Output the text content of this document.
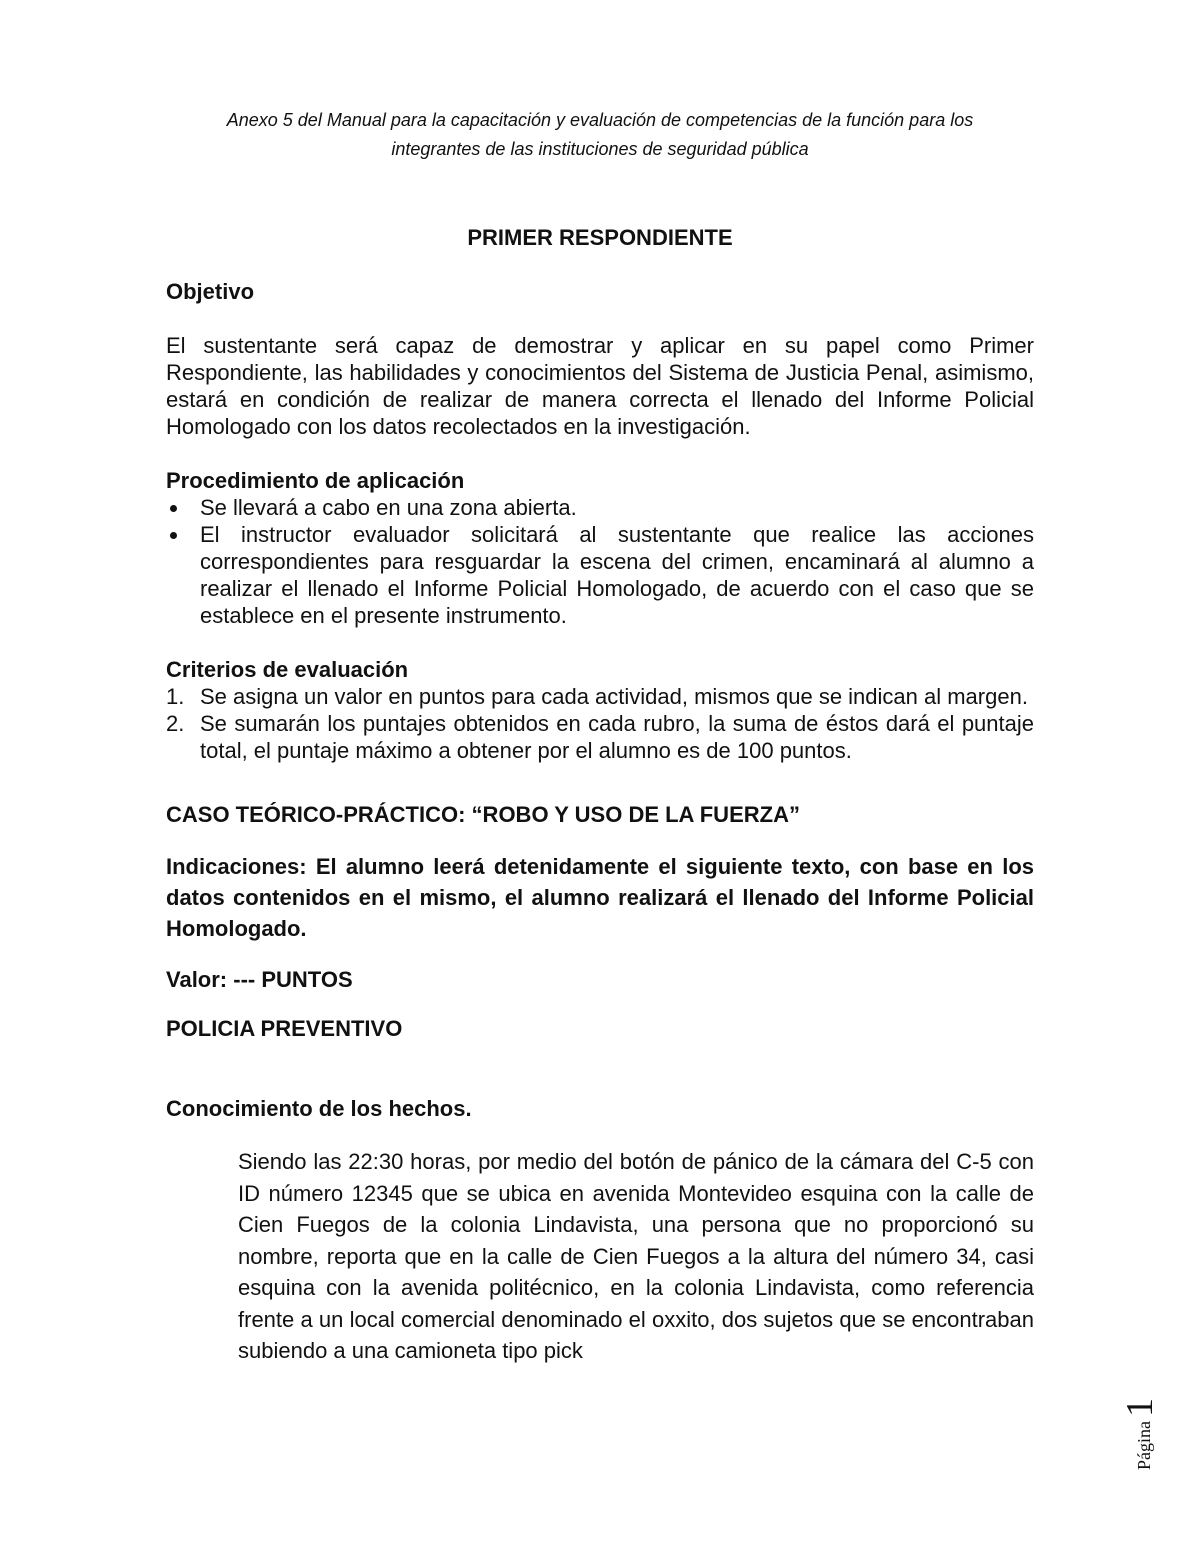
Anexo 5 del Manual para la capacitación y evaluación de competencias de la función para los
integrantes de las instituciones de seguridad pública

PRIMER RESPONDIENTE

Objetivo

El sustentante será capaz de demostrar y aplicar en su papel como Primer Respondiente, las habilidades y conocimientos del Sistema de Justicia Penal, asimismo, estará en condición de realizar de manera correcta el llenado del Informe Policial Homologado con los datos recolectados en la investigación.

Procedimiento de aplicación

Se llevará a cabo en una zona abierta.
El instructor evaluador solicitará al sustentante que realice las acciones correspondientes para resguardar la escena del crimen, encaminará al alumno a realizar el llenado el Informe Policial Homologado, de acuerdo con el caso que se establece en el presente instrumento.

Criterios de evaluación

1. Se asigna un valor en puntos para cada actividad, mismos que se indican al margen.
2. Se sumarán los puntajes obtenidos en cada rubro, la suma de éstos dará el puntaje total, el puntaje máximo a obtener por el alumno es de 100 puntos.

CASO TEÓRICO-PRÁCTICO: “ROBO Y USO DE LA FUERZA”

Indicaciones: El alumno leerá detenidamente el siguiente texto, con base en los datos contenidos en el mismo, el alumno realizará el llenado del Informe Policial Homologado.

Valor: --- PUNTOS

POLICIA PREVENTIVO

Conocimiento de los hechos.

Siendo las 22:30 horas, por medio del botón de pánico de la cámara del C-5 con ID número 12345 que se ubica en avenida Montevideo esquina con la calle de Cien Fuegos de la colonia Lindavista, una persona que no proporcionó su nombre, reporta que en la calle de Cien Fuegos a la altura del número 34, casi esquina con la avenida politécnico, en la colonia Lindavista, como referencia frente a un local comercial denominado el oxxito, dos sujetos que se encontraban subiendo a una camioneta tipo pick

Página1
